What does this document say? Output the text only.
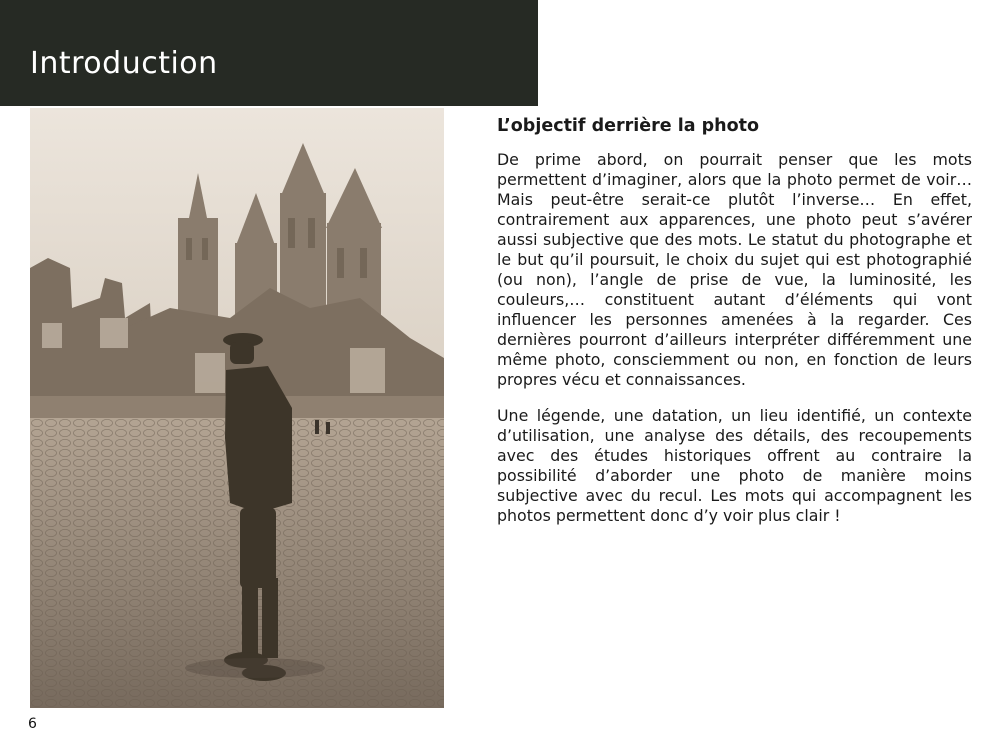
Introduction
L’objectif derrière la photo

De prime abord, on pourrait penser que les mots permettent d’imaginer, alors que la photo permet de voir… Mais peut-être serait-ce plutôt l’inverse… En effet, contrairement aux apparences, une photo peut s’avérer aussi subjective que des mots. Le statut du photographe et le but qu’il poursuit, le choix du sujet qui est photographié (ou non), l’angle de prise de vue, la luminosité, les couleurs,… constituent autant d’éléments qui vont influencer les personnes amenées à la regarder. Ces dernières pourront d’ailleurs interpréter différemment une même photo, consciemment ou non, en fonction de leurs propres vécu et connaissances.

Une légende, une datation, un lieu identifié, un contexte d’utilisation, une analyse des détails, des recoupements avec des études historiques offrent au contraire la possibilité d’aborder une photo de manière moins subjective avec du recul. Les mots qui accompagnent les photos permettent donc d’y voir plus clair !

6
